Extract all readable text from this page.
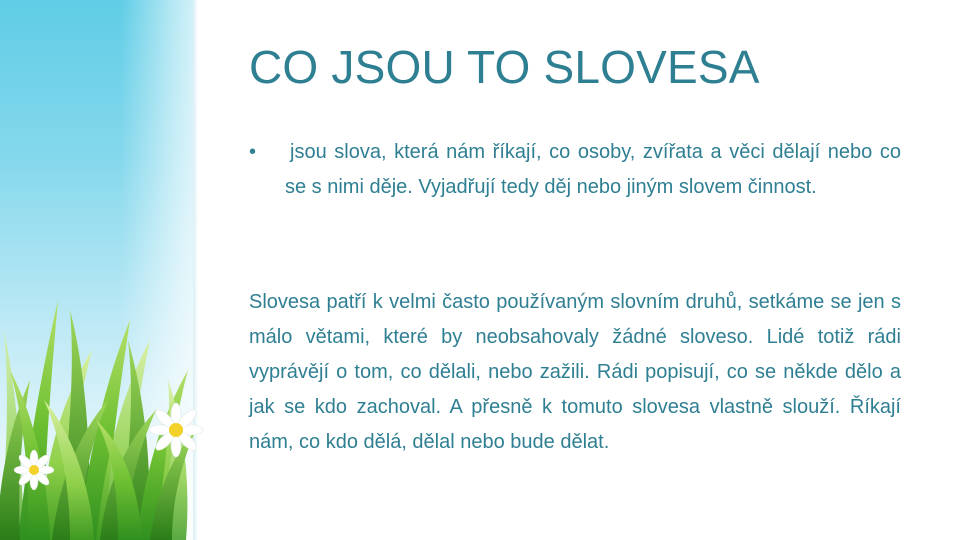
CO JSOU TO SLOVESA
• jsou slova, která nám říkají, co osoby, zvířata a věci dělají nebo co se s nimi děje. Vyjadřují tedy děj nebo jiným slovem činnost.
Slovesa patří k velmi často používaným slovním druhů, setkáme se jen s málo větami, které by neobsahovaly žádné sloveso. Lidé totiž rádi vyprávějí o tom, co dělali, nebo zažili. Rádi popisují, co se někde dělo a jak se kdo zachoval. A přesně k tomuto slovesa vlastně slouží. Říkají nám, co kdo dělá, dělal nebo bude dělat.
